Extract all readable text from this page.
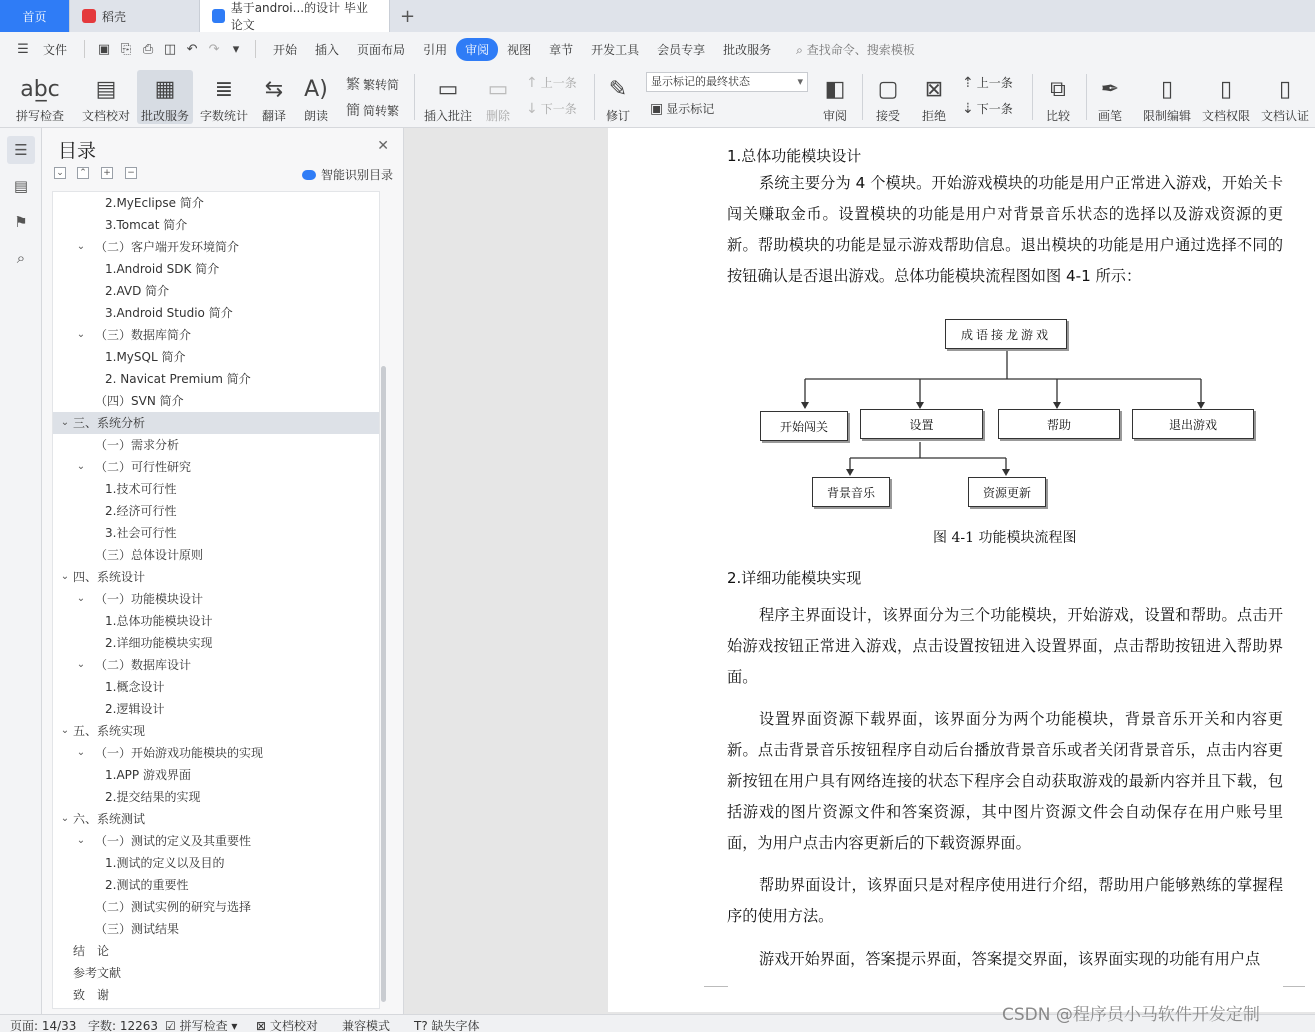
首页	稻壳
基于androi...的设计 毕业论文	+
☰	文件	▣ ⎘ ⎙ ◫ ↶ ↷	▾	开始	插入	页面布局	引用	审阅	视图	章节	开发工具	会员专享	批改服务	⌕ 查找命令、搜索模板
ab̲c
拼写检查
▤
文档校对
▦
批改服务
≣
字数统计
⇆
翻译
A)
朗读
繁 繁转简
簡 简转繁
▭
插入批注
▭
删除
↑ 上一条
↓ 下一条
✎
修订
显示标记的最终状态 ▾
▣ 显示标记
◧
审阅
▢
接受
⊠
拒绝
⇡ 上一条
⇣ 下一条
⧉
比较
✒
画笔
▯
限制编辑
▯
文档权限
▯
文档认证
☰
▤
⚑
⌕
目录	✕
⌄ ⌃ + −	智能识别目录
2.MyEclipse 简介
3.Tomcat 简介
⌄ （二）客户端开发环境简介
1.Android SDK 简介
2.AVD 简介
3.Android Studio 简介
⌄ （三）数据库简介
1.MySQL 简介
2. Navicat Premium 简介
（四）SVN 简介
⌄ 三、系统分析
（一）需求分析
⌄ （二）可行性研究
1.技术可行性
2.经济可行性
3.社会可行性
（三）总体设计原则
⌄ 四、系统设计
⌄ （一）功能模块设计
1.总体功能模块设计
2.详细功能模块实现
⌄ （二）数据库设计
1.概念设计
2.逻辑设计
⌄ 五、系统实现
⌄ （一）开始游戏功能模块的实现
1.APP 游戏界面
2.提交结果的实现
⌄ 六、系统测试
⌄ （一）测试的定义及其重要性
1.测试的定义以及目的
2.测试的重要性
（二）测试实例的研究与选择
（三）测试结果
结　论
参考文献
致　谢
1.总体功能模块设计
系统主要分为 4 个模块。开始游戏模块的功能是用户正常进入游戏，开始关卡闯关赚取金币。设置模块的功能是用户对背景音乐状态的选择以及游戏资源的更新。帮助模块的功能是显示游戏帮助信息。退出模块的功能是用户通过选择不同的按钮确认是否退出游戏。总体功能模块流程图如图 4-1 所示：
成语接龙游戏
开始闯关	设置	帮助	退出游戏
背景音乐	资源更新
图 4-1 功能模块流程图
2.详细功能模块实现
程序主界面设计，该界面分为三个功能模块，开始游戏，设置和帮助。点击开始游戏按钮正常进入游戏，点击设置按钮进入设置界面，点击帮助按钮进入帮助界面。
设置界面资源下载界面，该界面分为两个功能模块，背景音乐开关和内容更新。点击背景音乐按钮程序自动后台播放背景音乐或者关闭背景音乐，点击内容更新按钮在用户具有网络连接的状态下程序会自动获取游戏的最新内容并且下载，包括游戏的图片资源文件和答案资源，其中图片资源文件会自动保存在用户账号里面，为用户点击内容更新后的下载资源界面。
帮助界面设计，该界面只是对程序使用进行介绍，帮助用户能够熟练的掌握程序的使用方法。
游戏开始界面，答案提示界面，答案提交界面，该界面实现的功能有用户点
页面: 14/33 字数: 12263 ☑ 拼写检查 ▾ ⊠ 文档校对 兼容模式 T? 缺失字体
CSDN @程序员小马软件开发定制
